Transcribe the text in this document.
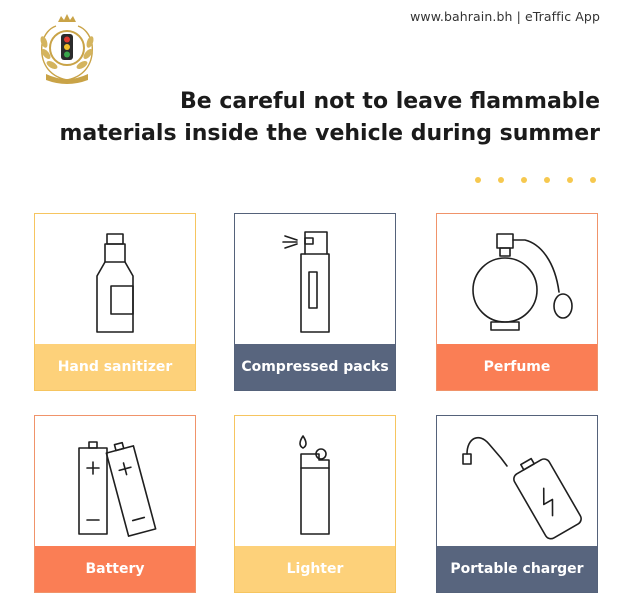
www.bahrain.bh | eTraffic App
Be careful not to leave flammable
materials inside the vehicle during summer
Hand sanitizer	Compressed packs	Perfume
Battery	Lighter	Portable charger
